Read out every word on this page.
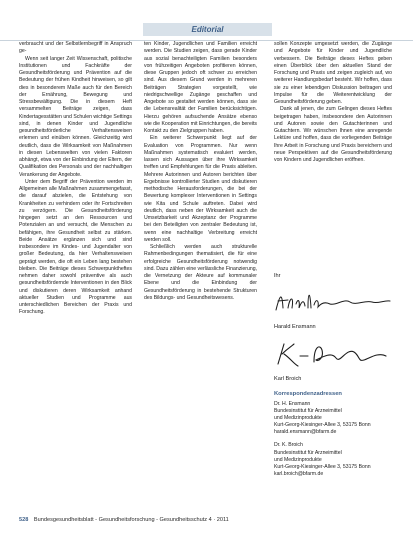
Editorial

verbraucht und der Selbstlernbegriff in Anspruch ge-

Wenn seit langer Zeit Wissenschaft, politische Institutionen und Fachkräfte der Gesundheitsförderung und Prävention auf die Bedeutung der frühen Kindheit hinweisen, so gilt dies in besonderem Maße auch für den Bereich der Ernährung, Bewegung und Stressbewältigung. Die in diesem Heft versammelten Beiträge zeigen, dass Kindertagesstätten und Schulen wichtige Settings sind, in denen Kinder und Jugendliche gesundheitsförderliche Verhaltensweisen erlernen und einüben können. Gleichzeitig wird deutlich, dass die Wirksamkeit von Maßnahmen in diesen Lebenswelten von vielen Faktoren abhängt, etwa von der Einbindung der Eltern, der Qualifikation des Personals und der nachhaltigen Verankerung der Angebote.

Unter dem Begriff der Prävention werden im Allgemeinen alle Maßnahmen zusammengefasst, die darauf abzielen, die Entstehung von Krankheiten zu verhindern oder ihr Fortschreiten zu verzögern. Die Gesundheitsförderung hingegen setzt an den Ressourcen und Potenzialen an und versucht, die Menschen zu befähigen, ihre Gesundheit selbst zu stärken. Beide Ansätze ergänzen sich und sind insbesondere im Kindes- und Jugendalter von großer Bedeutung, da hier Verhaltensweisen geprägt werden, die oft ein Leben lang bestehen bleiben. Die Beiträge dieses Schwerpunktheftes nehmen daher sowohl präventive als auch gesundheitsfördernde Interventionen in den Blick und diskutieren deren Wirksamkeit anhand aktueller Studien und Programme aus unterschiedlichen Bereichen der Praxis und Forschung.

ten Kinder, Jugendlichen und Familien erreicht werden. Die Studien zeigen, dass gerade Kinder aus sozial benachteiligten Familien besonders von frühzeitigen Angeboten profitieren können, diese Gruppen jedoch oft schwer zu erreichen sind. Aus diesem Grund werden in mehreren Beiträgen Strategien vorgestellt, wie niedrigschwellige Zugänge geschaffen und Angebote so gestaltet werden können, dass sie die Lebensrealität der Familien berücksichtigen. Hierzu gehören aufsuchende Ansätze ebenso wie die Kooperation mit Einrichtungen, die bereits Kontakt zu den Zielgruppen haben.

Ein weiterer Schwerpunkt liegt auf der Evaluation von Programmen. Nur wenn Maßnahmen systematisch evaluiert werden, lassen sich Aussagen über ihre Wirksamkeit treffen und Empfehlungen für die Praxis ableiten. Mehrere Autorinnen und Autoren berichten über Ergebnisse kontrollierter Studien und diskutieren methodische Herausforderungen, die bei der Bewertung komplexer Interventionen in Settings wie Kita und Schule auftreten. Dabei wird deutlich, dass neben der Wirksamkeit auch die Umsetzbarkeit und Akzeptanz der Programme bei den Beteiligten von zentraler Bedeutung ist, wenn eine nachhaltige Verbreitung erreicht werden soll.

Schließlich werden auch strukturelle Rahmenbedingungen thematisiert, die für eine erfolgreiche Gesundheitsförderung notwendig sind. Dazu zählen eine verlässliche Finanzierung, die Vernetzung der Akteure auf kommunaler Ebene und die Einbindung der Gesundheitsförderung in bestehende Strukturen des Bildungs- und Gesundheitswesens.

sollen Konzepte umgesetzt werden, die Zugänge und Angebote für Kinder und Jugendliche verbessern. Die Beiträge dieses Heftes geben einen Überblick über den aktuellen Stand der Forschung und Praxis und zeigen zugleich auf, wo weiterer Handlungsbedarf besteht. Wir hoffen, dass sie zu einer lebendigen Diskussion beitragen und Impulse für die Weiterentwicklung der Gesundheitsförderung geben.

Dank all jenen, die zum Gelingen dieses Heftes beigetragen haben, insbesondere den Autorinnen und Autoren sowie den Gutachterinnen und Gutachtern. Wir wünschen Ihnen eine anregende Lektüre und hoffen, dass die vorliegenden Beiträge Ihre Arbeit in Forschung und Praxis bereichern und neue Perspektiven auf die Gesundheitsförderung von Kindern und Jugendlichen eröffnen.

Ihr
Harald Ensmann
Karl Broich
Korrespondenzadressen
Dr. H. Ensmann
Bundesinstitut für Arzneimittel
und Medizinprodukte
Kurt-Georg-Kiesinger-Allee 3, 53175 Bonn
harald.ensmann@bfarm.de
Dr. K. Broich
Bundesinstitut für Arzneimittel
und Medizinprodukte
Kurt-Georg-Kiesinger-Allee 3, 53175 Bonn
karl.broich@bfarm.de
528 Bundesgesundheitsblatt - Gesundheitsforschung - Gesundheitsschutz 4 · 2011
